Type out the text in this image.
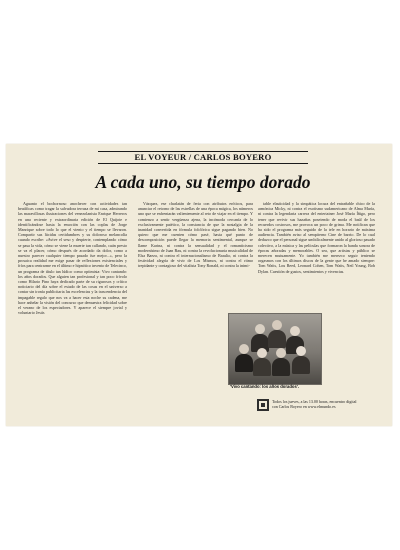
EL VOYEUR / CARLOS BOYERO
A cada uno, su tiempo dorado

Aguanto el bochornoso anochecer con actividades tan beatíficas como tragar la salvadora terraza de mi casa, admirando las maravillosas ilustraciones del venezolanista Enrique Herreros en una reciente y extraordinaria edición de El Quijote e identificándose hasta la emoción con las coplas de Jorge Manrique sobre todo lo que el viento y el tiempo se llevaron. Compartir sus lúcidas certidumbres y su doloroso melancolía cuando escribe: «Avive el seso y despierte, contemplando cómo se pasa la vida, cómo se viene la muerte tan callando, cuán presto se va el placer, cómo después de acordado da dolor, como a nuestro parecer cualquier tiempo pasado fue mejor...», pero la prosaica realidad me exige pasar de reflexiones existenciales y fríos para centrarme en el último e hipnótico invento de Telecinco, un programa de título tan lúdico como optimista: Vivo cantando: los años dorados. Que alguien tan profesional y tan poco frívolo como Hilario Pino haya dedicado parte de su rigurosos y crítico noticiario del día sobre el estado de las cosas en el universo a contar sin ironía publicitaria las excelencias y la trascendencia del impagable regalo que nos va a hacer esta noche su cadena, me hace anhelar la visión del concurso que demuestra felicidad sobre el verano de los espectadores. Y aparece el siempre jovial y voluntario Jesús

Vázquez, ese charlatán de feria con atributos eróticos, para anunciar el retorno de las estrellas de una época mágica, los números uno que se enfrentarán valientemente al reto de viajar en el tiempo. Y comienzo a sentir vergüenza ajena, la incómoda cercanía de lo exclusivamente patético, la constancia de que la nostalgia de la inanidad convertida en fórmula folclórica sigue pagando bien. No quiero que me cuenten cómo pasé, hasta qué punto de descomposición puede llegar la memoria sentimental, aunque se llame Karina, ni contra la sensualidad y el romanticismo modernísimo de Juan Bau, ni contra la revolucionaria musicalidad de Elsa Baeza, ni contra el internacionalismo de Braulio, ni contra la festividad alegría de vivir de Los Mismos, ni contra el ritmo trepidante y contagioso del vitalista Tony Ronald, ni contra la inimi-

table elasticidad y la simpática locura del entrañable chico de la armónica Micky, ni contra el exotismo sudamericano de Alma María, ni contra la legendaria carrera del entertainer José María Íñigo, pero tener que revivir sus hazañas poseiendo de moda el baúl de los recuerdos costrosos, me provoca un poco de grima. Me notifican que ha sido el programa más seguido de la tele en horario de máxima audiencia. También aviso al sempiterno Cine de barrio. De lo cual deduzco que el personal sigue umbilicalmente unido al glorioso pasado colectivo, a la música y las películas que formaron la banda sonora de épocas añoradas y memorables. O sea, que artistas y público se merecen mutuamente. Yo también me merezco seguir teniendo orgasmos con los últimos discos de la gente que he amado siempre: Tom Waits, Lou Reed, Leonard Cohen, Tom Waits, Neil Young, Bob Dylan. Cuestión de gustos, sentimientos y vivencias.

'Vivo cantando: los años dorados'.

Todos los jueves, a las 13.00 horas, encuentro digital con Carlos Boyero en www.elmundo.es
